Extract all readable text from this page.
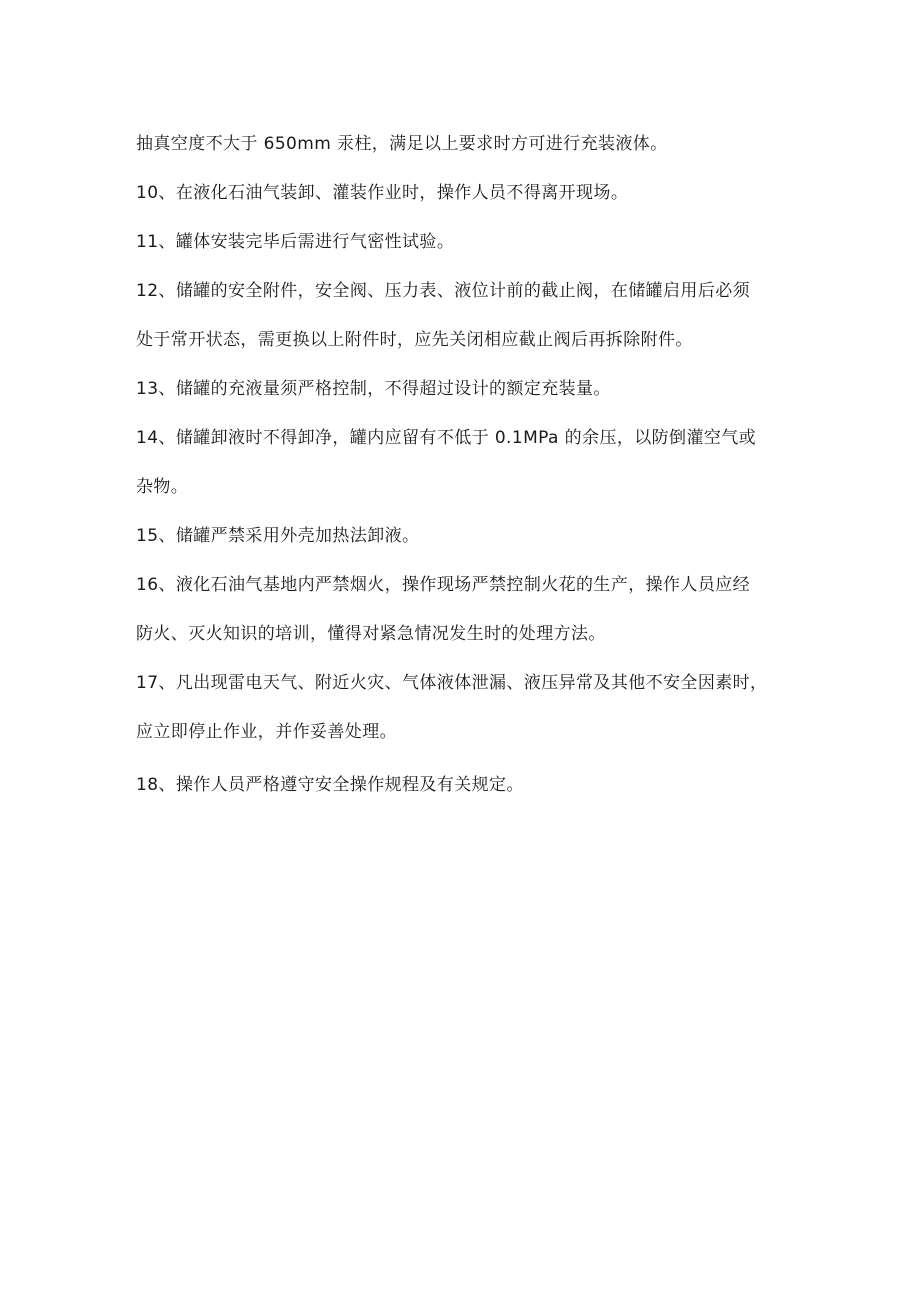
抽真空度不大于 650mm 汞柱，满足以上要求时方可进行充装液体。
10、在液化石油气装卸、灌装作业时，操作人员不得离开现场。
11、罐体安装完毕后需进行气密性试验。
12、储罐的安全附件，安全阀、压力表、液位计前的截止阀，在储罐启用后必须
处于常开状态，需更换以上附件时，应先关闭相应截止阀后再拆除附件。
13、储罐的充液量须严格控制，不得超过设计的额定充装量。
14、储罐卸液时不得卸净，罐内应留有不低于 0.1MPa 的余压，以防倒灌空气或
杂物。
15、储罐严禁采用外壳加热法卸液。
16、液化石油气基地内严禁烟火，操作现场严禁控制火花的生产，操作人员应经
防火、灭火知识的培训，懂得对紧急情况发生时的处理方法。
17、凡出现雷电天气、附近火灾、气体液体泄漏、液压异常及其他不安全因素时，
应立即停止作业，并作妥善处理。
18、操作人员严格遵守安全操作规程及有关规定。
